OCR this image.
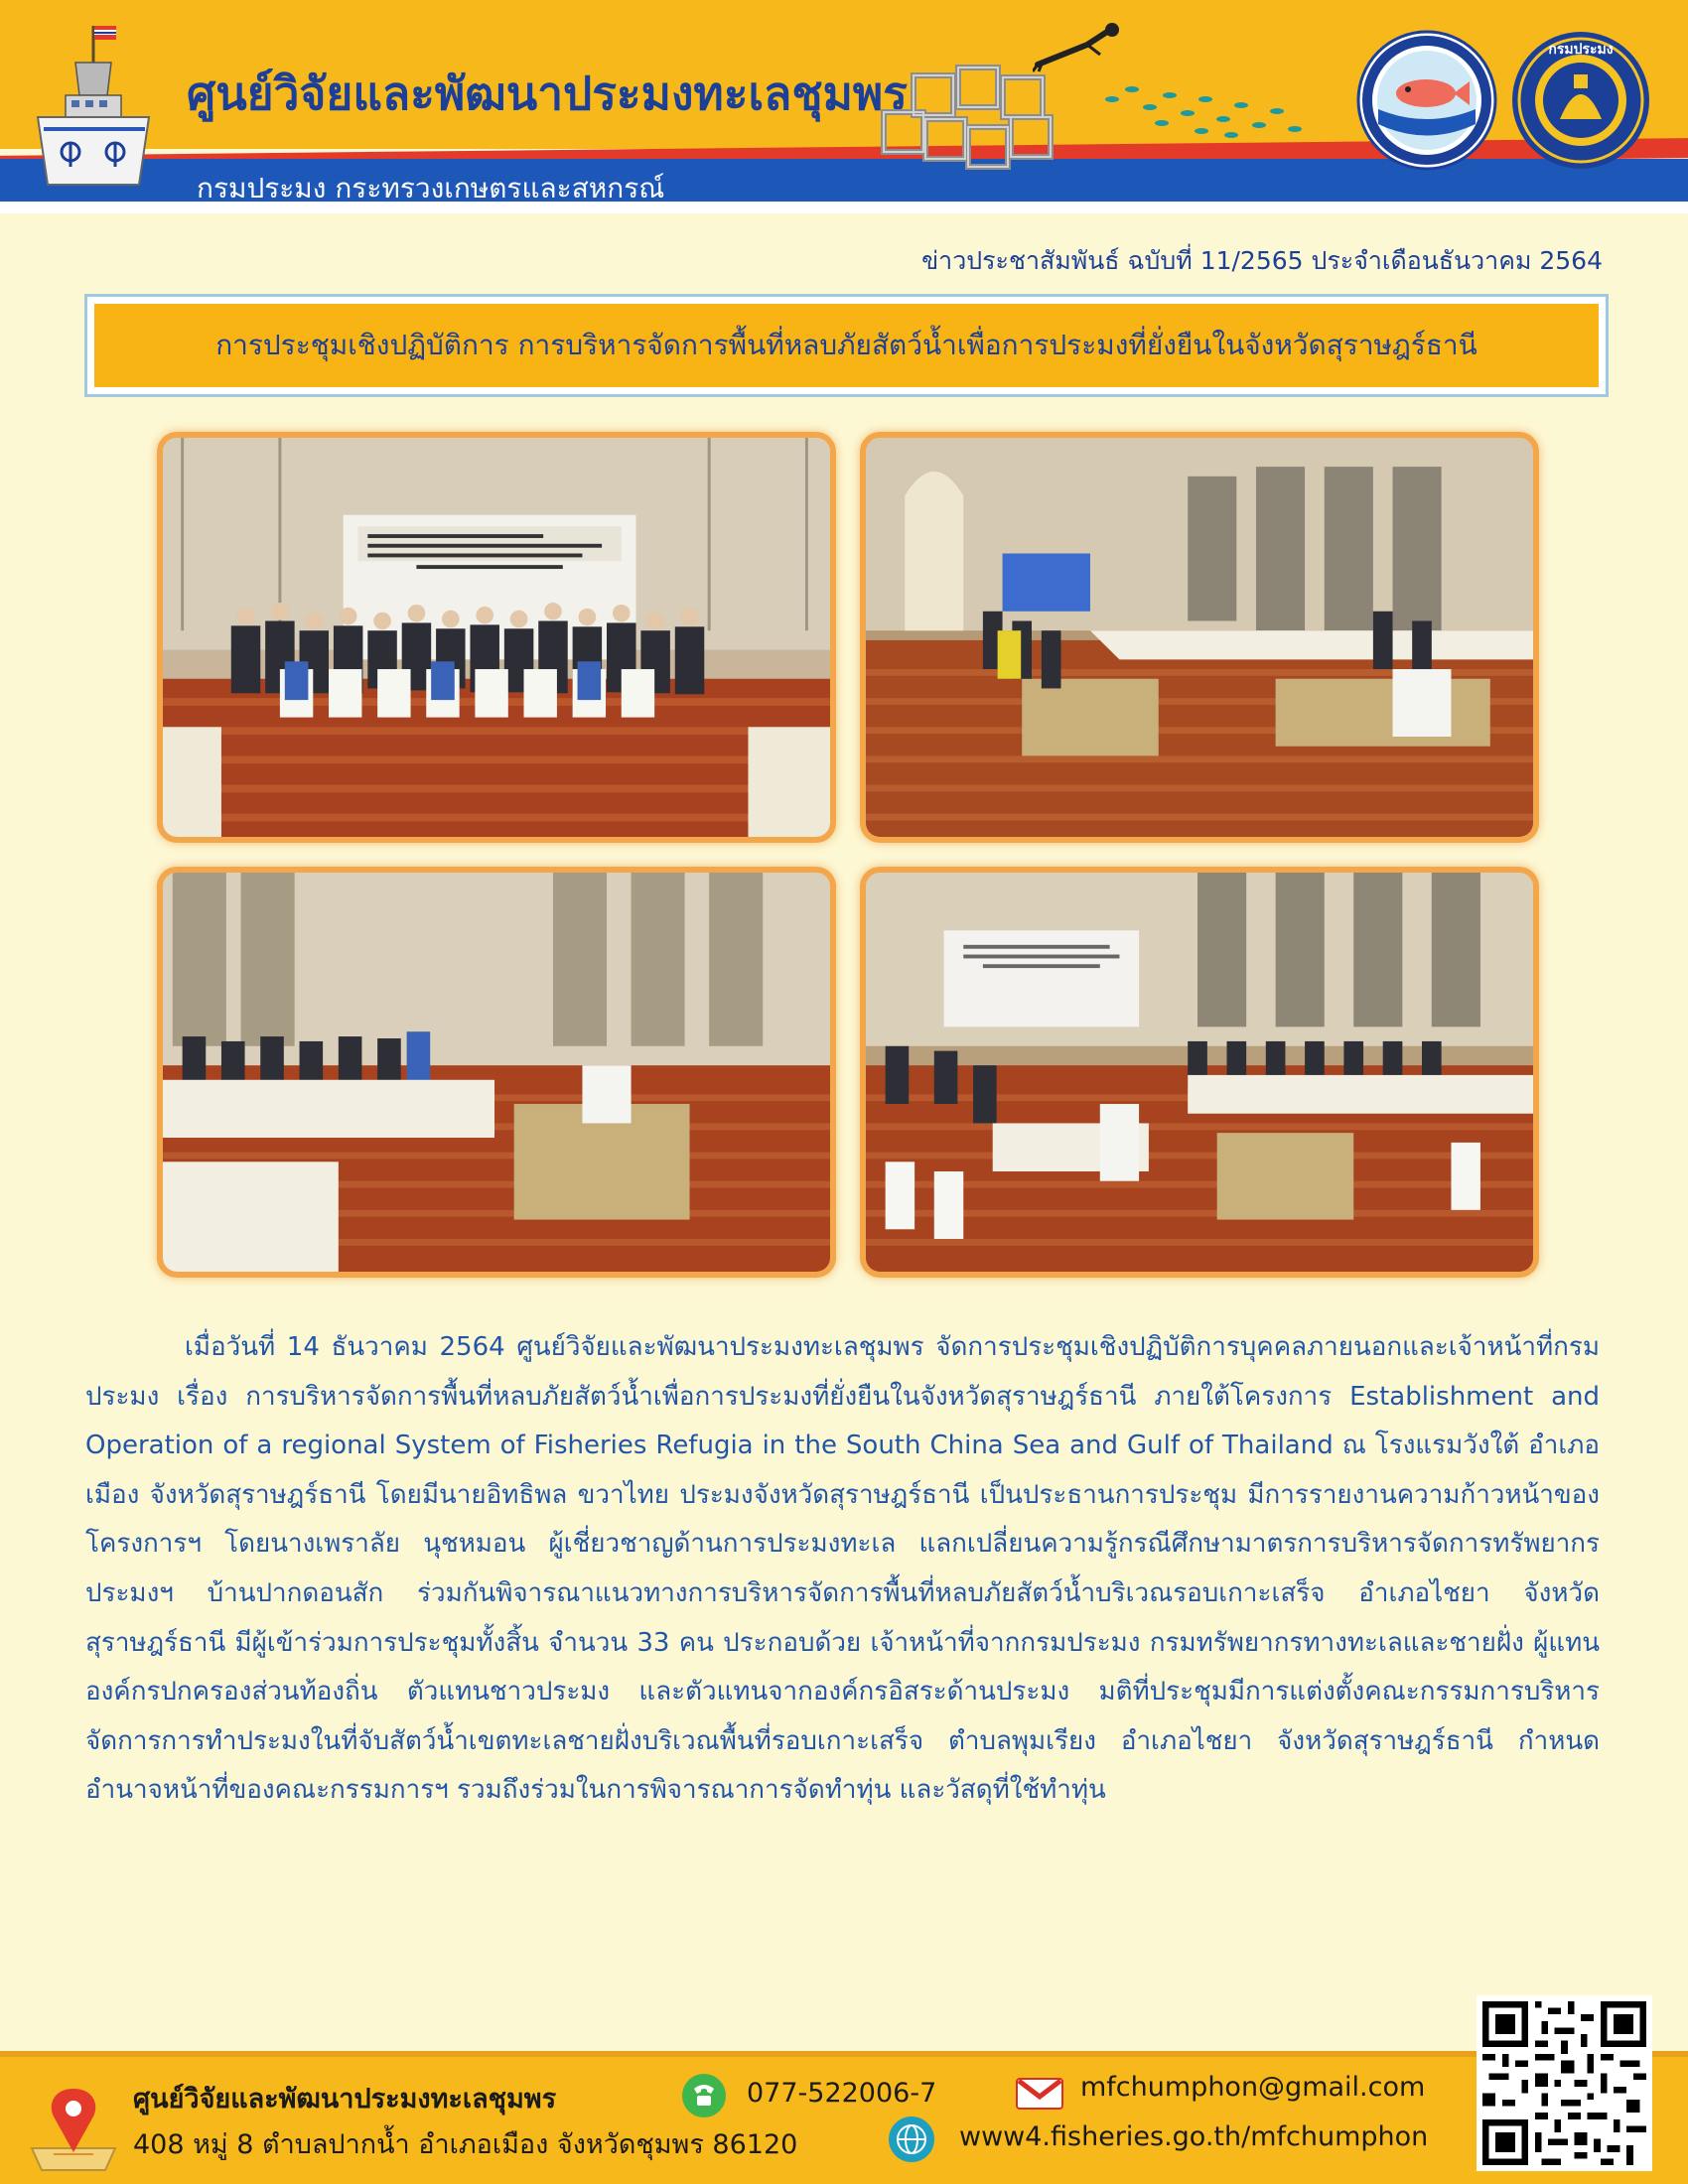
ศูนย์วิจัยและพัฒนาประมงทะเลชุมพร
กรมประมง กระทรวงเกษตรและสหกรณ์
กรมประมง
ข่าวประชาสัมพันธ์ ฉบับที่ 11/2565 ประจำเดือนธันวาคม 2564
การประชุมเชิงปฏิบัติการ การบริหารจัดการพื้นที่หลบภัยสัตว์น้ำเพื่อการประมงที่ยั่งยืนในจังหวัดสุราษฎร์ธานี
เมื่อวันที่ 14 ธันวาคม 2564 ศูนย์วิจัยและพัฒนาประมงทะเลชุมพร จัดการประชุมเชิงปฏิบัติการบุคคลภายนอกและเจ้าหน้าที่กรมประมง เรื่อง การบริหารจัดการพื้นที่หลบภัยสัตว์น้ำเพื่อการประมงที่ยั่งยืนในจังหวัดสุราษฎร์ธานี ภายใต้โครงการ Establishment and Operation of a regional System of Fisheries Refugia in the South China Sea and Gulf of Thailand ณ โรงแรมวังใต้ อำเภอเมือง จังหวัดสุราษฎร์ธานี โดยมีนายอิทธิพล ขวาไทย ประมงจังหวัดสุราษฎร์ธานี เป็นประธานการประชุม มีการรายงานความก้าวหน้าของโครงการฯ โดยนางเพราลัย นุชหมอน ผู้เชี่ยวชาญด้านการประมงทะเล แลกเปลี่ยนความรู้กรณีศึกษามาตรการบริหารจัดการทรัพยากรประมงฯ บ้านปากดอนสัก ร่วมกันพิจารณาแนวทางการบริหารจัดการพื้นที่หลบภัยสัตว์น้ำบริเวณรอบเกาะเสร็จ อำเภอไชยา จังหวัดสุราษฎร์ธานี มีผู้เข้าร่วมการประชุมทั้งสิ้น จำนวน 33 คน ประกอบด้วย เจ้าหน้าที่จากกรมประมง กรมทรัพยากรทางทะเลและชายฝั่ง ผู้แทนองค์กรปกครองส่วนท้องถิ่น ตัวแทนชาวประมง และตัวแทนจากองค์กรอิสระด้านประมง มติที่ประชุมมีการแต่งตั้งคณะกรรมการบริหารจัดการการทำประมงในที่จับสัตว์น้ำเขตทะเลชายฝั่งบริเวณพื้นที่รอบเกาะเสร็จ ตำบลพุมเรียง อำเภอไชยา จังหวัดสุราษฎร์ธานี กำหนดอำนาจหน้าที่ของคณะกรรมการฯ รวมถึงร่วมในการพิจารณาการจัดทำทุ่น และวัสดุที่ใช้ทำทุ่น
ศูนย์วิจัยและพัฒนาประมงทะเลชุมพร
408 หมู่ 8 ตำบลปากน้ำ อำเภอเมือง จังหวัดชุมพร 86120
077-522006-7	mfchumphon@gmail.com
www4.fisheries.go.th/mfchumphon
